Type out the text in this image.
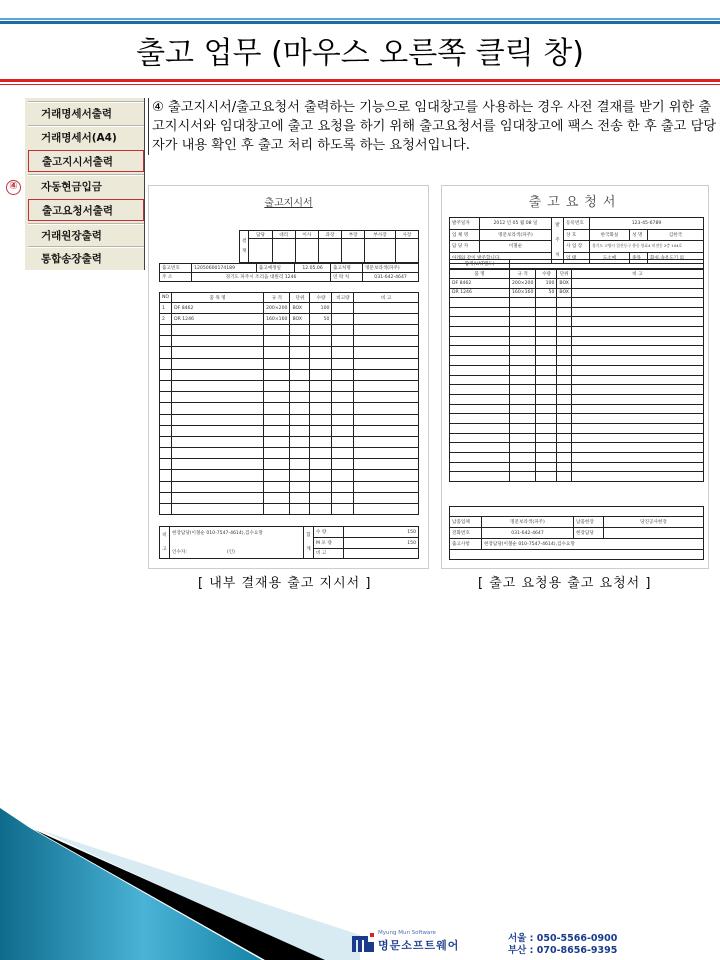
출고 업무 (마우스 오른쪽 클릭 창)
④
거래명세서출력
거래명세서(A4)
출고지시서출력
자동현금입금
출고요청서출력
거래원장출력
통합송장출력
④ 출고지시서/출고요청서 출력하는 기능으로 임대창고를 사용하는 경우 사전 결재를 받기 위한 출고지시서와 임대창고에 출고 요청을 하기 위해 출고요청서를 임대창고에 팩스 전송 한 후 출고 담당자가 내용 확인 후 출고 처리 하도록 하는 요청서입니다.
출고지시서
결
재	담당	대리	이사	과장	부장	부사장	사장

출고번호	12050600174189	출고예정일	12.05.06	출고처명	명문보라색(파주)
주 소	경기도 파주시 조리읍 대원리 1246			연 락 처	031-642-4647
NO	품 목 명	규 격	단위	수량	비고량	비 고
1	DF 8462	200×200	BOX	100		
2	DR 1246	160×160	BOX	50		

비
고	
현장담당(이철순 010-7547-4614),검수요망
인수자:	(인)
	합
계	수 량	150
			M 포 량	150
			비 고	
[ 내부 결재용 출고 지시서 ]
출고요청서
발주일자	2012 년 05 월 08 일	발
주
처	등록번호	123-45-6789		
업 체 명	명문보라색(파주)		상 호	한국화실	성 명	김한국
담 당 자	이철순		사 업 장	경기도 고양시 일산동구 풍동 한효4 비전동 2층 104호		
아래와 같이 발주합니다.			업 태	도소매	종목	화실,속옷도기 외
합계(VAT별도)	
품 명	규 격	수량	단위	비 고
DF 8462	200×200	100	BOX	
DR 1246	160×160	50	BOX	

납품업체	명문보라색(파주)	납품현장	당진공사현장
전화번호	031-642-4647	현장담당	
출고사항	현장담당(이철순 010-7547-4614),검수요망		

[ 출고 요청용 출고 요청서 ]
Myung Mun Software
명문소프트웨어
서울 : 050-5566-0900
부산 : 070-8656-9395
